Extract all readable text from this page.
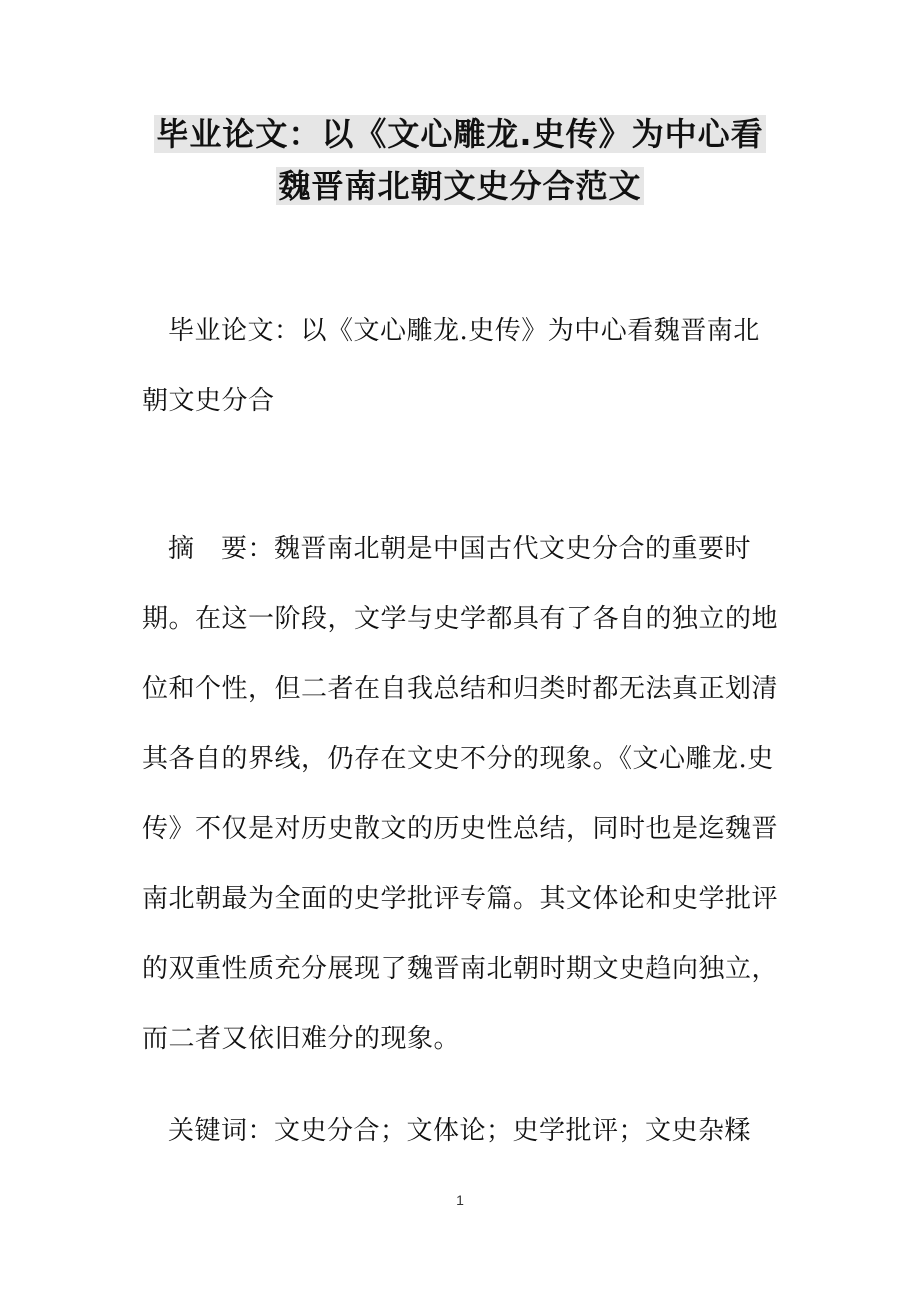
毕业论文：以《文心雕龙.史传》为中心看
魏晋南北朝文史分合范文

毕业论文：以《文心雕龙.史传》为中心看魏晋南北朝文史分合

摘　要：魏晋南北朝是中国古代文史分合的重要时期。在这一阶段，文学与史学都具有了各自的独立的地位和个性，但二者在自我总结和归类时都无法真正划清其各自的界线，仍存在文史不分的现象。《文心雕龙.史传》不仅是对历史散文的历史性总结，同时也是迄魏晋南北朝最为全面的史学批评专篇。其文体论和史学批评的双重性质充分展现了魏晋南北朝时期文史趋向独立，而二者又依旧难分的现象。

关键词：文史分合；文体论；史学批评；文史杂糅

1
